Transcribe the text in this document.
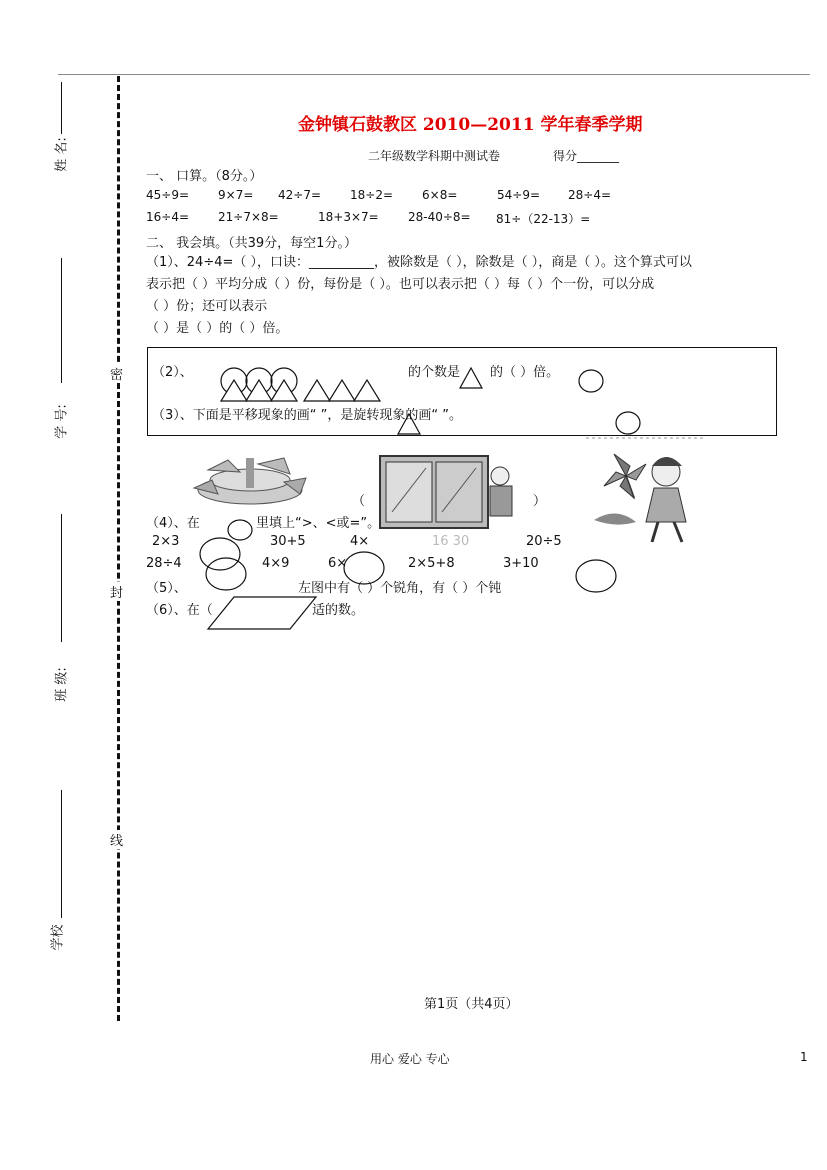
姓 名:
学 号:
班 级:
学校
密
封
线
金钟镇石鼓教区 2010—2011 学年春季学期
二年级数学科期中测试卷	得分_______
一、 口算。（8分。）
45÷9= 9×7= 42÷7= 18÷2= 6×8=	54÷9= 28÷4=
16÷4= 21÷7×8=	18+3×7= 28-40÷8= 81÷（22-13）=
二、 我会填。（共39分，每空1分。）
（1）、24÷4=（ ），口诀：__________，被除数是（ ），除数是（ ），商是（ ）。这个算式可以
表示把（ ）平均分成（ ）份，每份是（ ）。也可以表示把（ ）每（ ）个一份，可以分成
（ ）份；还可以表示
（ ）是（ ）的（ ）倍。
（2）、	的个数是 的（ ）倍。
（3）、下面是平移现象的画“ ”，是旋转现象的画“ ”。
（	）
（4）、在	里填上“>、<或=”。
2×3	30+5	4×	16 30	20÷5
28÷4	4×9	6×	2×5+8	3+10
（5）、	左图中有（ ）个锐角，有（ ）个钝
（6）、在（	适的数。
第1页（共4页）
用心 爱心 专心	1
